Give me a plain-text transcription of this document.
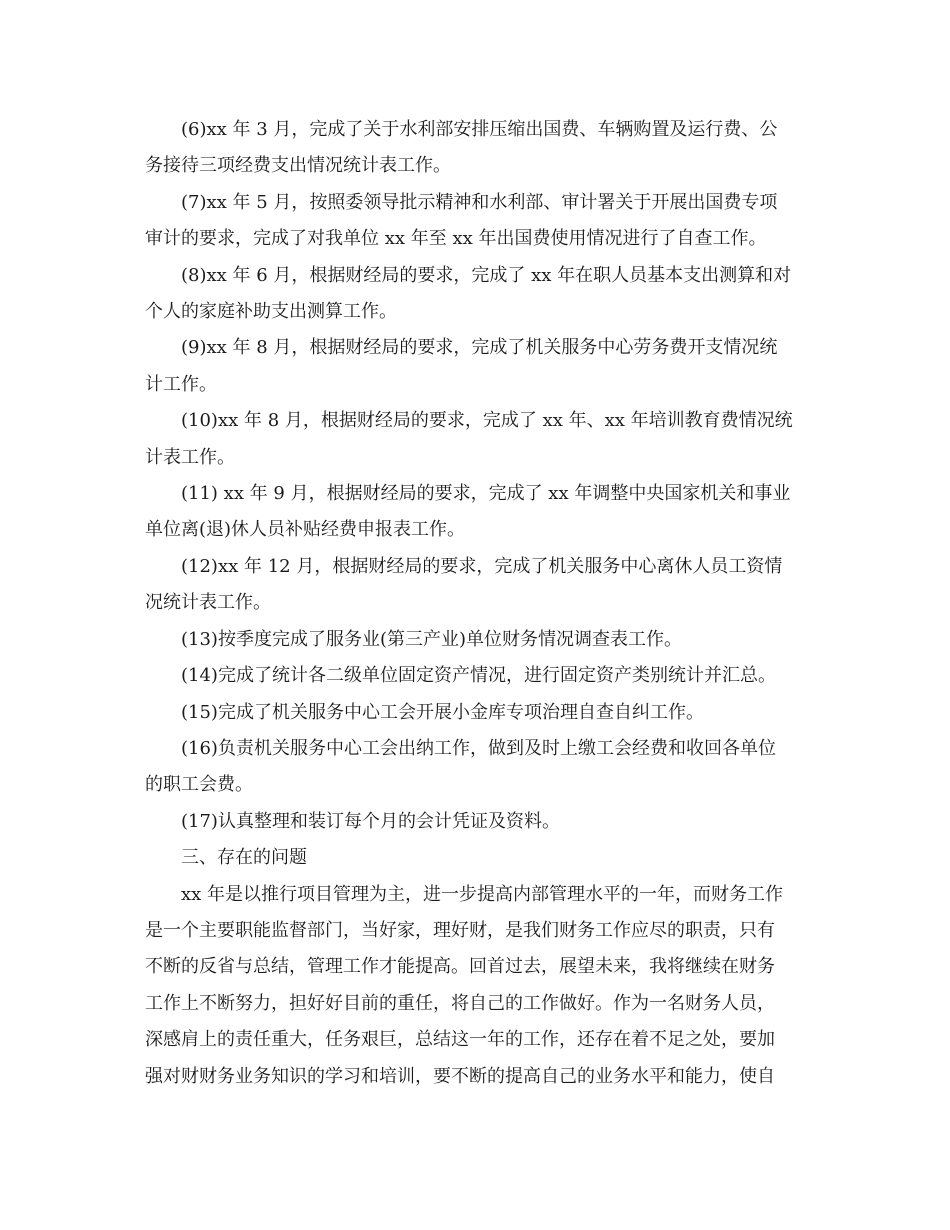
(6)xx 年 3 月，完成了关于水利部安排压缩出国费、车辆购置及运行费、公
务接待三项经费支出情况统计表工作。

(7)xx 年 5 月，按照委领导批示精神和水利部、审计署关于开展出国费专项
审计的要求，完成了对我单位 xx 年至 xx 年出国费使用情况进行了自查工作。

(8)xx 年 6 月，根据财经局的要求，完成了 xx 年在职人员基本支出测算和对
个人的家庭补助支出测算工作。

(9)xx 年 8 月，根据财经局的要求，完成了机关服务中心劳务费开支情况统
计工作。

(10)xx 年 8 月，根据财经局的要求，完成了 xx 年、xx 年培训教育费情况统
计表工作。

(11) xx 年 9 月，根据财经局的要求，完成了 xx 年调整中央国家机关和事业
单位离(退)休人员补贴经费申报表工作。

(12)xx 年 12 月，根据财经局的要求，完成了机关服务中心离休人员工资情
况统计表工作。

(13)按季度完成了服务业(第三产业)单位财务情况调查表工作。

(14)完成了统计各二级单位固定资产情况，进行固定资产类别统计并汇总。

(15)完成了机关服务中心工会开展小金库专项治理自查自纠工作。

(16)负责机关服务中心工会出纳工作，做到及时上缴工会经费和收回各单位
的职工会费。

(17)认真整理和装订每个月的会计凭证及资料。

三、存在的问题

xx 年是以推行项目管理为主，进一步提高内部管理水平的一年，而财务工作
是一个主要职能监督部门，当好家，理好财，是我们财务工作应尽的职责，只有
不断的反省与总结，管理工作才能提高。回首过去，展望未来，我将继续在财务
工作上不断努力，担好好目前的重任，将自己的工作做好。作为一名财务人员，
深感肩上的责任重大，任务艰巨，总结这一年的工作，还存在着不足之处，要加
强对财财务业务知识的学习和培训，要不断的提高自己的业务水平和能力，使自
